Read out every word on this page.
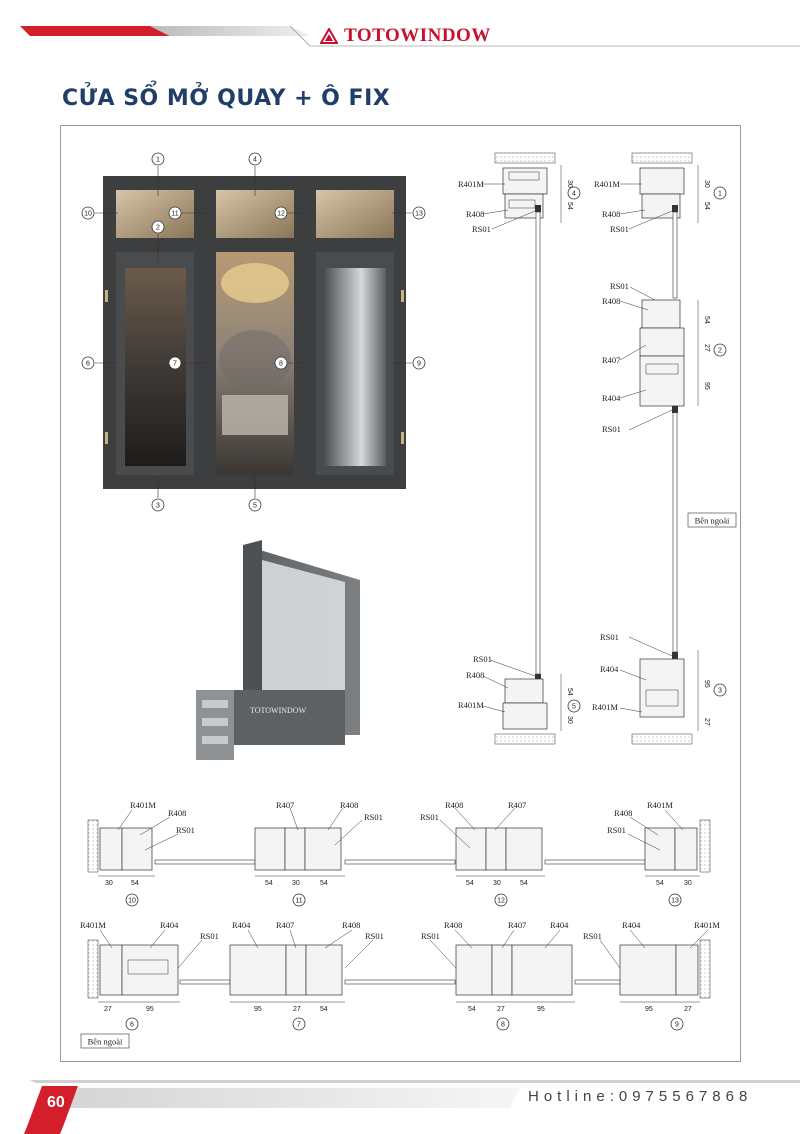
TOTOWINDOW
CỬA SỔ MỞ QUAY + Ô FIX
1	4
10	11	12	13
2
6	7	8	9
3	5
TOTOWINDOW
R401M
R408
RS01
30
54
4
RS01
R408
R401M
54
30
5
R401M
R408
RS01
30
54
1
RS01
R408
R407
R404
RS01
54
27
95
2
Bên ngoài
RS01
R404
R401M
95
27
3
R401M
R408
RS01
30	54
10
R407	R408
RS01
54	30	54
11
R408	R407
RS01
54	30	54
12
R408
R401M
RS01
54	30
13
R401M	R404
RS01
27	95
6
R404	R407	R408
RS01
95	27	54
7
R408	R407	R404
RS01
54	27	95
8
R404	R401M
RS01
95	27
9
Bên ngoài
60	Hotline:0975567868
